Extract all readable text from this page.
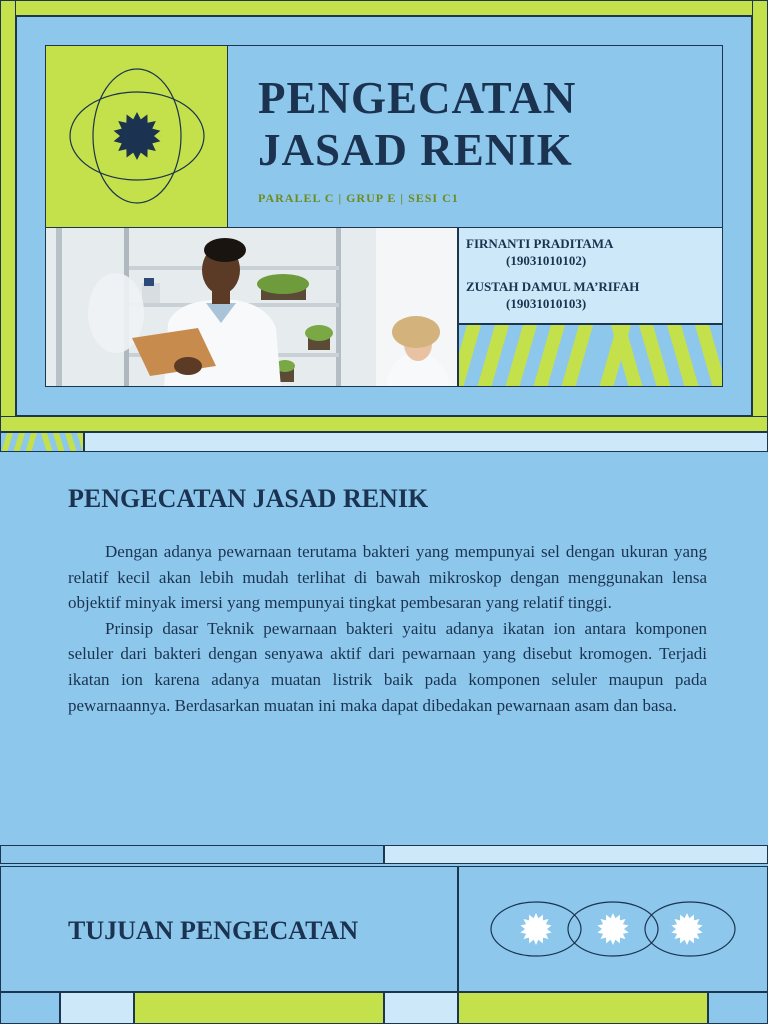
PENGECATAN
JASAD RENIK
PARALEL C | GRUP E | SESI C1
FIRNANTI PRADITAMA
(19031010102)
ZUSTAH DAMUL MA’RIFAH
(19031010103)
PENGECATAN JASAD RENIK

Dengan adanya pewarnaan terutama bakteri yang mempunyai sel dengan ukuran yang relatif kecil akan lebih mudah terlihat di bawah mikroskop dengan menggunakan lensa objektif minyak imersi yang mempunyai tingkat pembesaran yang relatif tinggi.

Prinsip dasar Teknik pewarnaan bakteri yaitu adanya ikatan ion antara komponen seluler dari bakteri dengan senyawa aktif dari pewarnaan yang disebut kromogen. Terjadi ikatan ion karena adanya muatan listrik baik pada komponen seluler maupun pada pewarnaannya. Berdasarkan muatan ini maka dapat dibedakan pewarnaan asam dan basa.

TUJUAN PENGECATAN
